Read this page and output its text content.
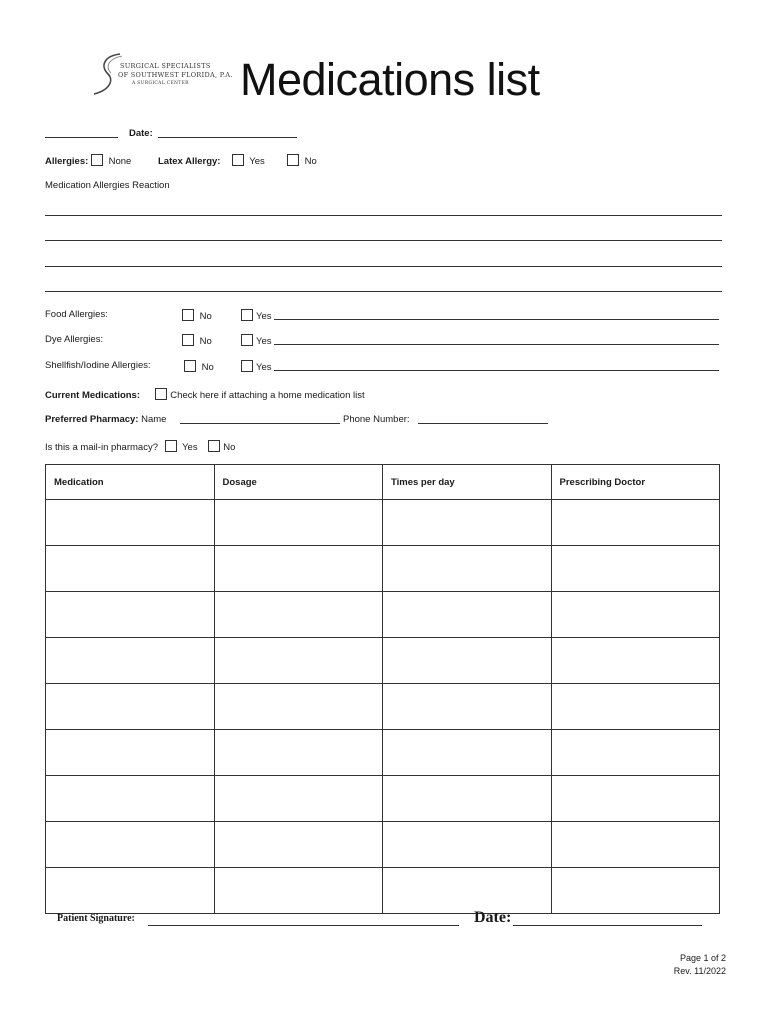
SURGICAL SPECIALISTS
OF SOUTHWEST FLORIDA, P.A.
A SURGICAL CENTER Medications list
Date:
Allergies: None	Latex Allergy:	Yes	No
Medication Allergies Reaction
Food Allergies:	No	Yes
Dye Allergies:	No	Yes
Shellfish/Iodine Allergies:	No	Yes
Current Medications:	Check here if attaching a home medication list
Preferred Pharmacy: Name	Phone Number:
Is this a mail-in pharmacy?	Yes	No
Medication	Dosage	Times per day	Prescribing Doctor

Patient Signature:	Date:
Page 1 of 2
Rev. 11/2022
